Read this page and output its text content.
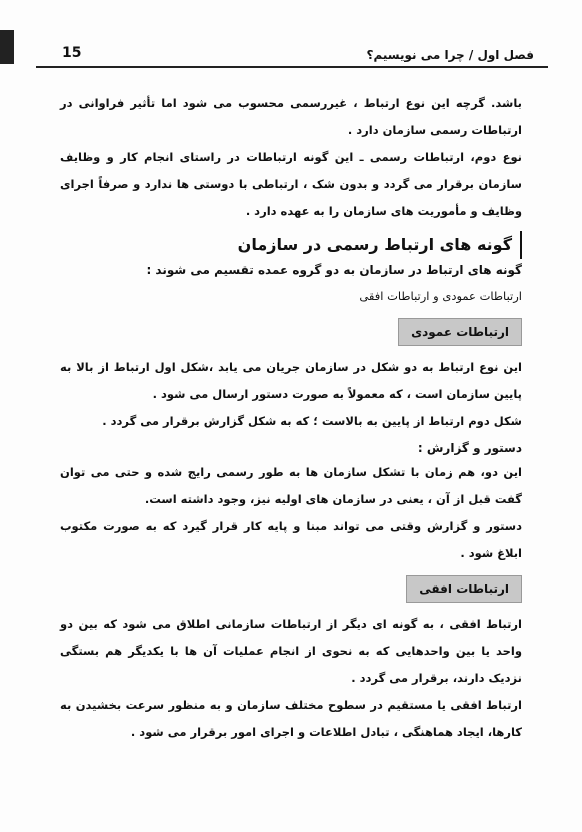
15	فصل اول / چرا می نویسیم؟

باشد. گرچه این نوع ارتباط ، غیررسمی محسوب می شود اما تأثیر فراوانی در ارتباطات رسمی سازمان دارد .

نوع دوم، ارتباطات رسمی ـ این گونه ارتباطات در راستای انجام کار و وظایف سازمان برقرار می گردد و بدون شک ، ارتباطی با دوستی ها ندارد و صرفاً اجرای وظایف و مأموریت های سازمان را به عهده دارد .

گونه های ارتباط رسمی در سازمان
گونه های ارتباط در سازمان به دو گروه عمده تقسیم می شوند :

ارتباطات عمودی و ارتباطات افقی

ارتباطات عمودی

این نوع ارتباط به دو شکل در سازمان جریان می یابد ،شکل اول ارتباط از بالا به پایین سازمان است ، که معمولاً به صورت دستور ارسال می شود .

شکل دوم ارتباط از پایین به بالاست ؛ که به شکل گزارش برقرار می گردد .

دستور و گزارش :

این دو، هم زمان با تشکل سازمان ها به طور رسمی رایج شده و حتی می توان گفت قبل از آن ، یعنی در سازمان های اولیه نیز، وجود داشته است.

دستور و گزارش وقتی می تواند مبنا و پایه کار قرار گیرد که به صورت مکتوب ابلاغ شود .

ارتباطات افقی

ارتباط افقی ، به گونه ای دیگر از ارتباطات سازمانی اطلاق می شود که بین دو واحد یا بین واحدهایی که به نحوی از انجام عملیات آن ها با یکدیگر هم بستگی نزدیک دارند، برقرار می گردد .

ارتباط افقی یا مستقیم در سطوح مختلف سازمان و به منظور سرعت بخشیدن به کارها، ایجاد هماهنگی ، تبادل اطلاعات و اجرای امور برقرار می شود .
